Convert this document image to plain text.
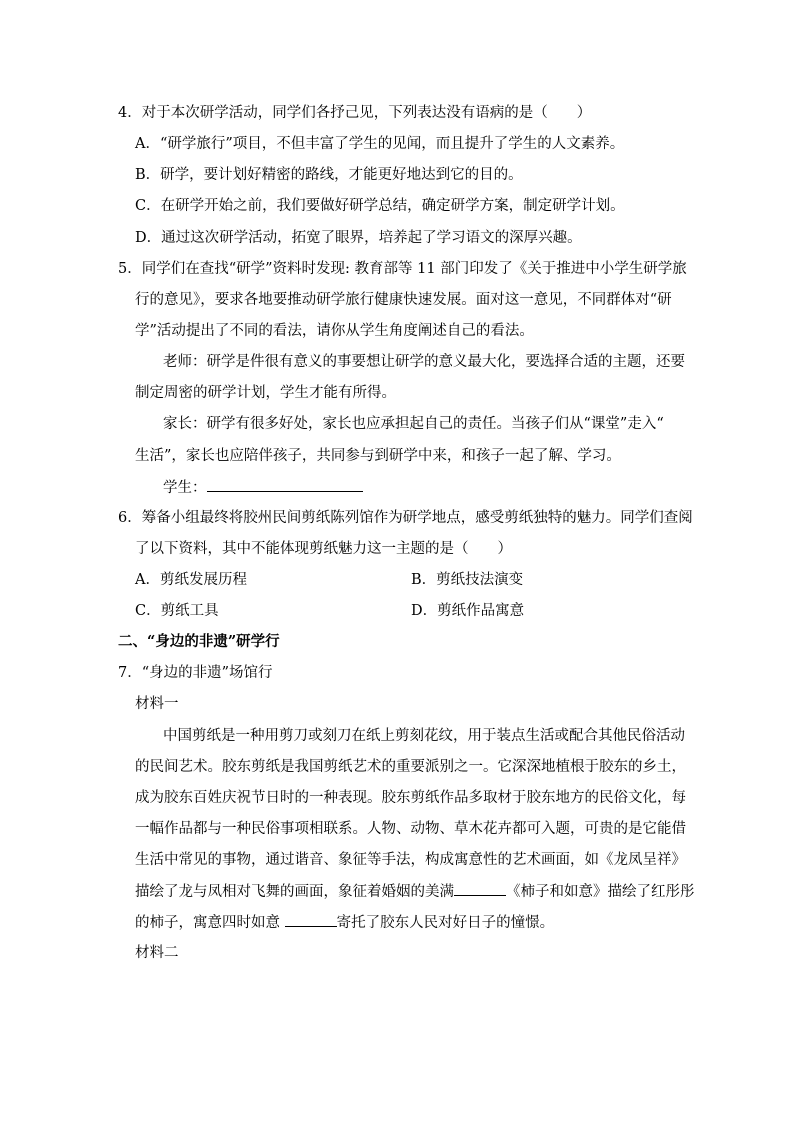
4．对于本次研学活动，同学们各抒己见，下列表达没有语病的是（　　）
A．“研学旅行”项目，不但丰富了学生的见闻，而且提升了学生的人文素养。
B．研学，要计划好精密的路线，才能更好地达到它的目的。
C．在研学开始之前，我们要做好研学总结，确定研学方案，制定研学计划。
D．通过这次研学活动，拓宽了眼界，培养起了学习语文的深厚兴趣。
5．同学们在查找“研学”资料时发现: 教育部等 11 部门印发了《关于推进中小学生研学旅
行的意见》，要求各地要推动研学旅行健康快速发展。面对这一意见，不同群体对“研
学”活动提出了不同的看法，请你从学生角度阐述自己的看法。
老师：研学是件很有意义的事要想让研学的意义最大化，要选择合适的主题，还要
制定周密的研学计划，学生才能有所得。
家长：研学有很多好处，家长也应承担起自己的责任。当孩子们从“课堂”走入“
生活”，家长也应陪伴孩子，共同参与到研学中来，和孩子一起了解、学习。
学生：
6．筹备小组最终将胶州民间剪纸陈列馆作为研学地点，感受剪纸独特的魅力。同学们查阅
了以下资料，其中不能体现剪纸魅力这一主题的是（　　）
A．剪纸发展历程	B．剪纸技法演变
C．剪纸工具	D．剪纸作品寓意
二、“身边的非遗”研学行
7．“身边的非遗”场馆行
材料一
中国剪纸是一种用剪刀或刻刀在纸上剪刻花纹，用于装点生活或配合其他民俗活动
的民间艺术。胶东剪纸是我国剪纸艺术的重要派别之一。它深深地植根于胶东的乡土，
成为胶东百姓庆祝节日时的一种表现。胶东剪纸作品多取材于胶东地方的民俗文化，每
一幅作品都与一种民俗事项相联系。人物、动物、草木花卉都可入题，可贵的是它能借
生活中常见的事物，通过谐音、象征等手法，构成寓意性的艺术画面，如《龙凤呈祥》
描绘了龙与凤相对飞舞的画面，象征着婚姻的美满	《柿子和如意》描绘了红彤彤
的柿子，寓意四时如意	寄托了胶东人民对好日子的憧憬。
材料二
